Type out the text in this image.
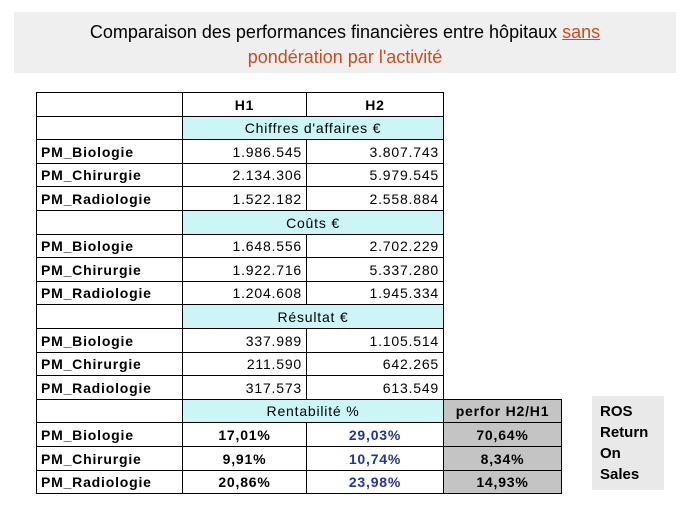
Comparaison des performances financières entre hôpitaux sans
pondération par l'activité
H1	H2
Chiffres d'affaires €
PM_Biologie	1.986.545	3.807.743
PM_Chirurgie	2.134.306	5.979.545
PM_Radiologie	1.522.182	2.558.884
Coûts €
PM_Biologie	1.648.556	2.702.229
PM_Chirurgie	1.922.716	5.337.280
PM_Radiologie	1.204.608	1.945.334
Résultat €
PM_Biologie	337.989	1.105.514
PM_Chirurgie	211.590	642.265
PM_Radiologie	317.573	613.549
Rentabilité %	perfor H2/H1
PM_Biologie	17,01%	29,03%	70,64%
PM_Chirurgie	9,91%	10,74%	8,34%
PM_Radiologie	20,86%	23,98%	14,93%
ROS
Return
On
Sales
